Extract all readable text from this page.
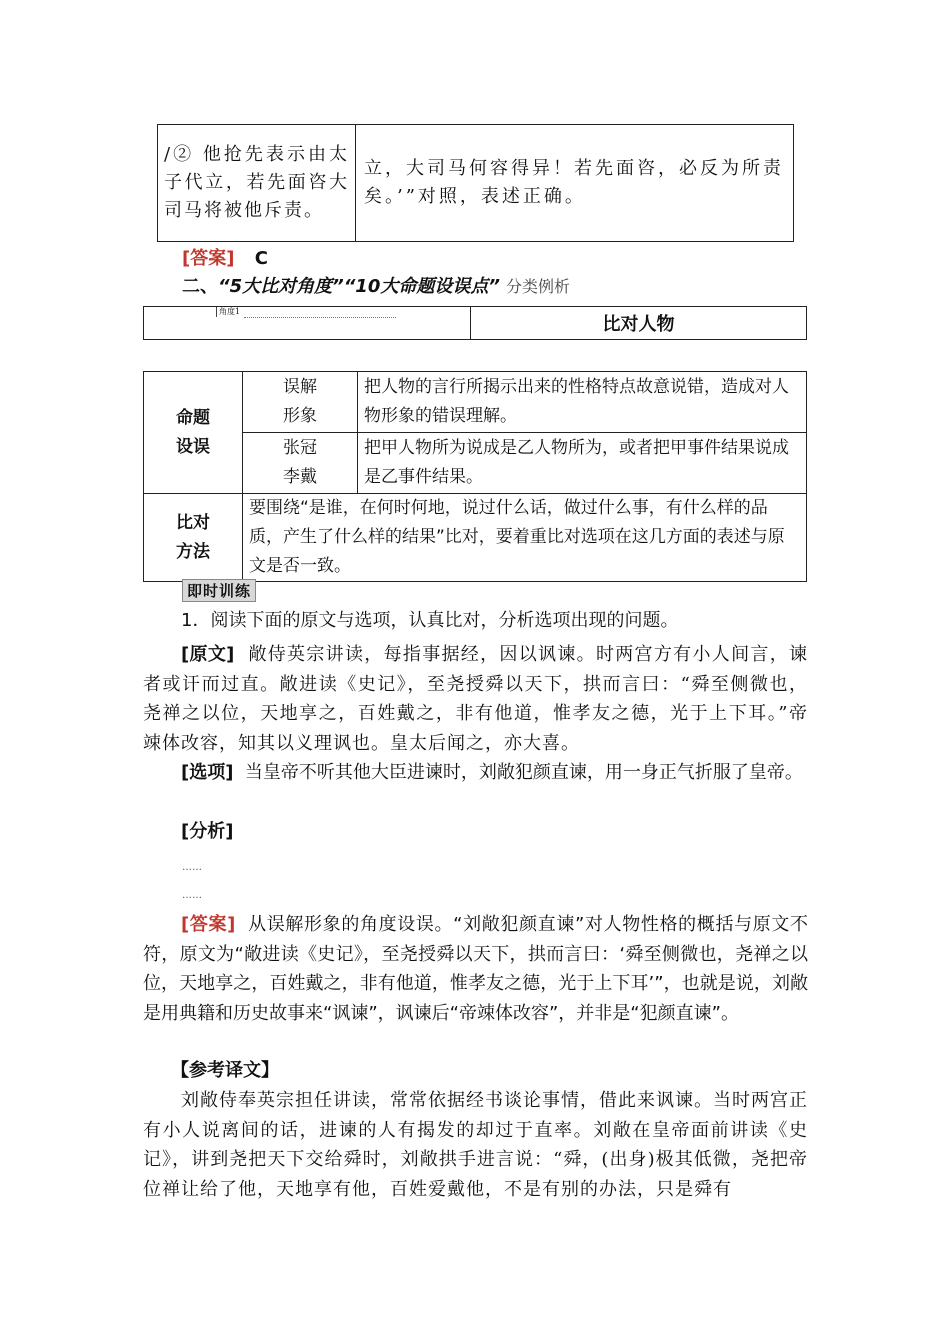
/② 他抢先表示由太子代立，若先面咨大司马将被他斥责。	立，大司马何容得异！若先面咨，必反为所责矣。’”对照，表述正确。
[答案] C
二、“5大比对角度”“10大命题设误点” 分类例析
角度1
	比对人物
命题设误	误解形象	把人物的言行所揭示出来的性格特点故意说错，造成对人物形象的错误理解。

	张冠李戴	把甲人物所为说成是乙人物所为，或者把甲事件结果说成是乙事件结果。

比对方法	要围绕“是谁，在何时何地，说过什么话，做过什么事，有什么样的品质，产生了什么样的结果”比对，要着重比对选项在这几方面的表述与原文是否一致。	
即时训练
1．阅读下面的原文与选项，认真比对，分析选项出现的问题。
[原文] 敞侍英宗讲读，每指事据经，因以讽谏。时两宫方有小人间言，谏者或讦而过直。敞进读《史记》，至尧授舜以天下，拱而言曰：“舜至侧微也，尧禅之以位，天地享之，百姓戴之，非有他道，惟孝友之德，光于上下耳。”帝竦体改容，知其以义理讽也。皇太后闻之，亦大喜。
[选项] 当皇帝不听其他大臣进谏时，刘敞犯颜直谏，用一身正气折服了皇帝。
[分析]
……
……
[答案] 从误解形象的角度设误。“刘敞犯颜直谏”对人物性格的概括与原文不符，原文为“敞进读《史记》，至尧授舜以天下，拱而言曰：‘舜至侧微也，尧禅之以位，天地享之，百姓戴之，非有他道，惟孝友之德，光于上下耳’”，也就是说，刘敞是用典籍和历史故事来“讽谏”，讽谏后“帝竦体改容”，并非是“犯颜直谏”。
【参考译文】
刘敞侍奉英宗担任讲读，常常依据经书谈论事情，借此来讽谏。当时两宫正有小人说离间的话，进谏的人有揭发的却过于直率。刘敞在皇帝面前讲读《史记》，讲到尧把天下交给舜时，刘敞拱手进言说：“舜，(出身)极其低微，尧把帝位禅让给了他，天地享有他，百姓爱戴他，不是有别的办法，只是舜有
